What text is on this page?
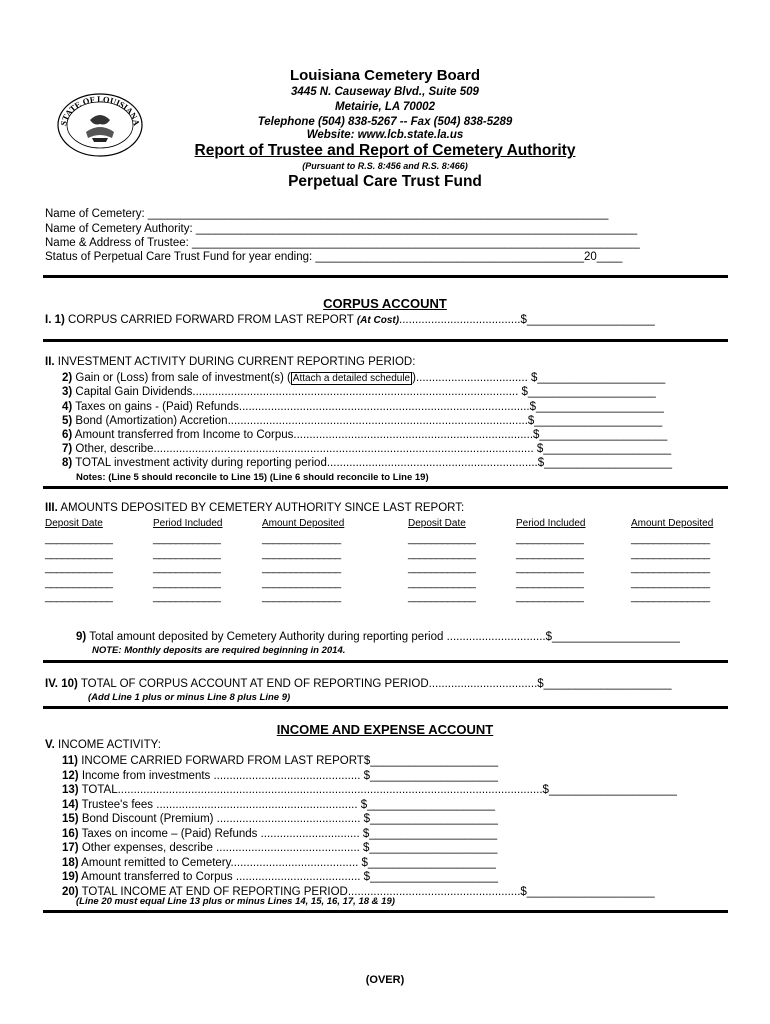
STATE OF LOUISIANA
Louisiana Cemetery Board
3445 N. Causeway Blvd., Suite 509
Metairie, LA 70002
Telephone (504) 838-5267 -- Fax (504) 838-5289
Website: www.lcb.state.la.us
Report of Trustee and Report of Cemetery Authority
(Pursuant to R.S. 8:456 and R.S. 8:466)
Perpetual Care Trust Fund
Name of Cemetery: ________________________________________________________________________
Name of Cemetery Authority: _____________________________________________________________________
Name & Address of Trustee: ______________________________________________________________________
Status of Perpetual Care Trust Fund for year ending: __________________________________________20____
CORPUS ACCOUNT
I. 1) CORPUS CARRIED FORWARD FROM LAST REPORT (At Cost)......................................$____________________
II. INVESTMENT ACTIVITY DURING CURRENT REPORTING PERIOD:
2) Gain or (Loss) from sale of investment(s) ( Attach a detailed schedule )................................... $____________________
3) Capital Gain Dividends...................................................................................................... $____________________
4) Taxes on gains - (Paid) Refunds...........................................................................................$____________________
5) Bond (Amortization) Accretion..............................................................................................$____________________
6) Amount transferred from Income to Corpus...........................................................................$____________________
7) Other, describe....................................................................................................................... $____________________
8) TOTAL investment activity during reporting period..................................................................$____________________
Notes: (Line 5 should reconcile to Line 15) (Line 6 should reconcile to Line 19)
III. AMOUNTS DEPOSITED BY CEMETERY AUTHORITY SINCE LAST REPORT:
Deposit Date	Period Included	Amount Deposited	Deposit Date	Period Included	Amount Deposited
____________	____________	______________	____________	____________	______________
____________	____________	______________	____________	____________	______________
____________	____________	______________	____________	____________	______________
____________	____________	______________	____________	____________	______________
____________	____________	______________	____________	____________	______________
9) Total amount deposited by Cemetery Authority during reporting period ...............................$____________________
NOTE: Monthly deposits are required beginning in 2014.
IV. 10) TOTAL OF CORPUS ACCOUNT AT END OF REPORTING PERIOD..................................$____________________
(Add Line 1 plus or minus Line 8 plus Line 9)
INCOME AND EXPENSE ACCOUNT
V. INCOME ACTIVITY:
11) INCOME CARRIED FORWARD FROM LAST REPORT$____________________
12) Income from investments .............................................. $____________________
13) TOTAL.....................................................................................................................................$____________________
14) Trustee's fees ............................................................... $____________________
15) Bond Discount (Premium) ............................................. $____________________
16) Taxes on income – (Paid) Refunds ............................... $____________________
17) Other expenses, describe ............................................. $____________________
18) Amount remitted to Cemetery........................................ $____________________
19) Amount transferred to Corpus ....................................... $____________________
20) TOTAL INCOME AT END OF REPORTING PERIOD......................................................$____________________
(Line 20 must equal Line 13 plus or minus Lines 14, 15, 16, 17, 18 & 19)
(OVER)
